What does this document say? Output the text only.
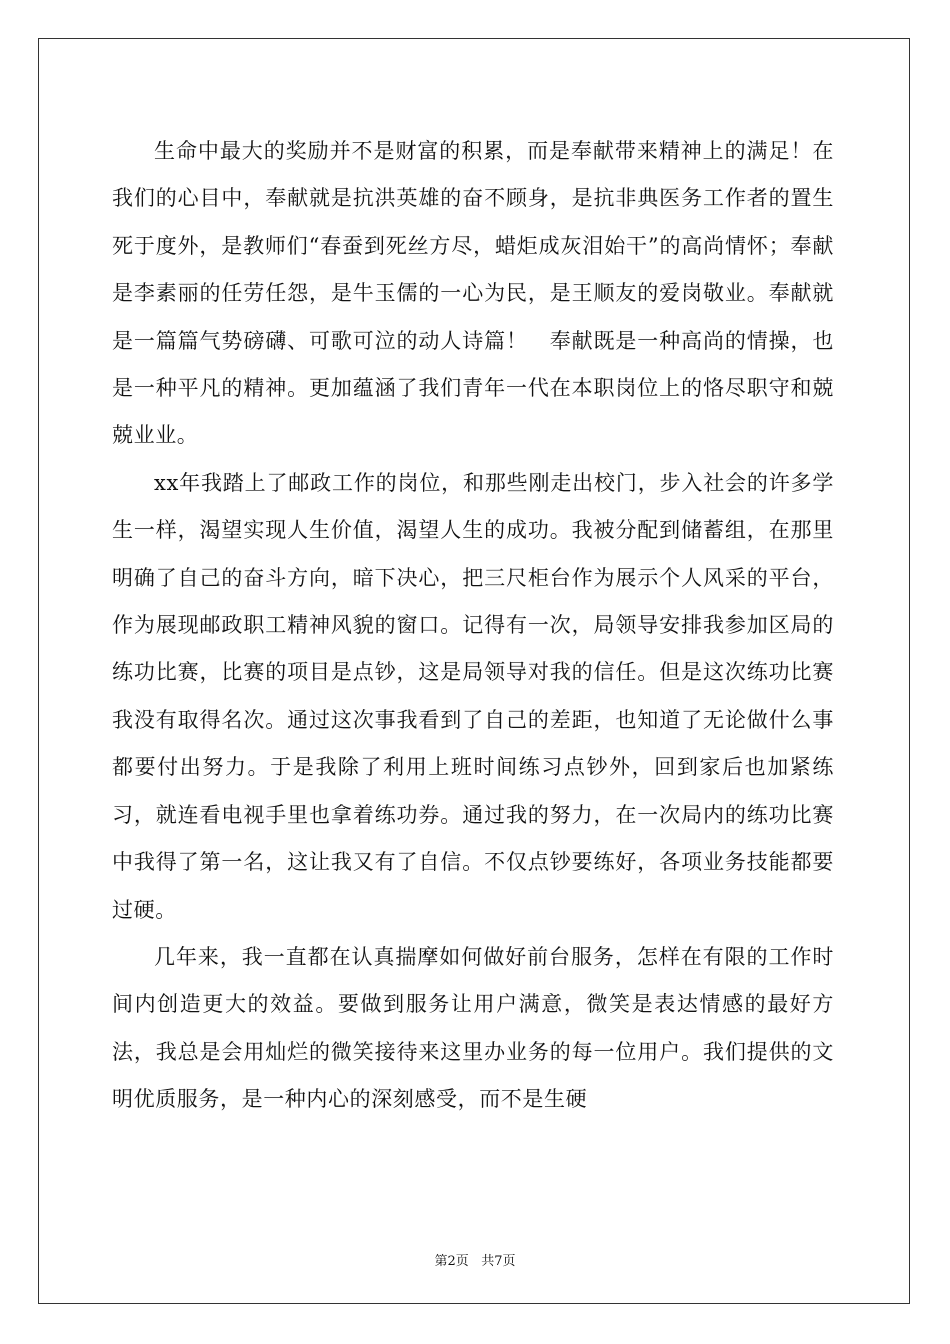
生命中最大的奖励并不是财富的积累，而是奉献带来精神上的满足！在我们的心目中，奉献就是抗洪英雄的奋不顾身，是抗非典医务工作者的置生死于度外，是教师们“春蚕到死丝方尽，蜡炬成灰泪始干”的高尚情怀；奉献是李素丽的任劳任怨，是牛玉儒的一心为民，是王顺友的爱岗敬业。奉献就是一篇篇气势磅礴、可歌可泣的动人诗篇！　奉献既是一种高尚的情操，也是一种平凡的精神。更加蕴涵了我们青年一代在本职岗位上的恪尽职守和兢兢业业。

xx年我踏上了邮政工作的岗位，和那些刚走出校门，步入社会的许多学生一样，渴望实现人生价值，渴望人生的成功。我被分配到储蓄组，在那里明确了自己的奋斗方向，暗下决心，把三尺柜台作为展示个人风采的平台，作为展现邮政职工精神风貌的窗口。记得有一次，局领导安排我参加区局的练功比赛，比赛的项目是点钞，这是局领导对我的信任。但是这次练功比赛我没有取得名次。通过这次事我看到了自己的差距，也知道了无论做什么事都要付出努力。于是我除了利用上班时间练习点钞外，回到家后也加紧练习，就连看电视手里也拿着练功券。通过我的努力，在一次局内的练功比赛中我得了第一名，这让我又有了自信。不仅点钞要练好，各项业务技能都要过硬。

几年来，我一直都在认真揣摩如何做好前台服务，怎样在有限的工作时间内创造更大的效益。要做到服务让用户满意，微笑是表达情感的最好方法，我总是会用灿烂的微笑接待来这里办业务的每一位用户。我们提供的文明优质服务，是一种内心的深刻感受，而不是生硬

第2页 共7页
